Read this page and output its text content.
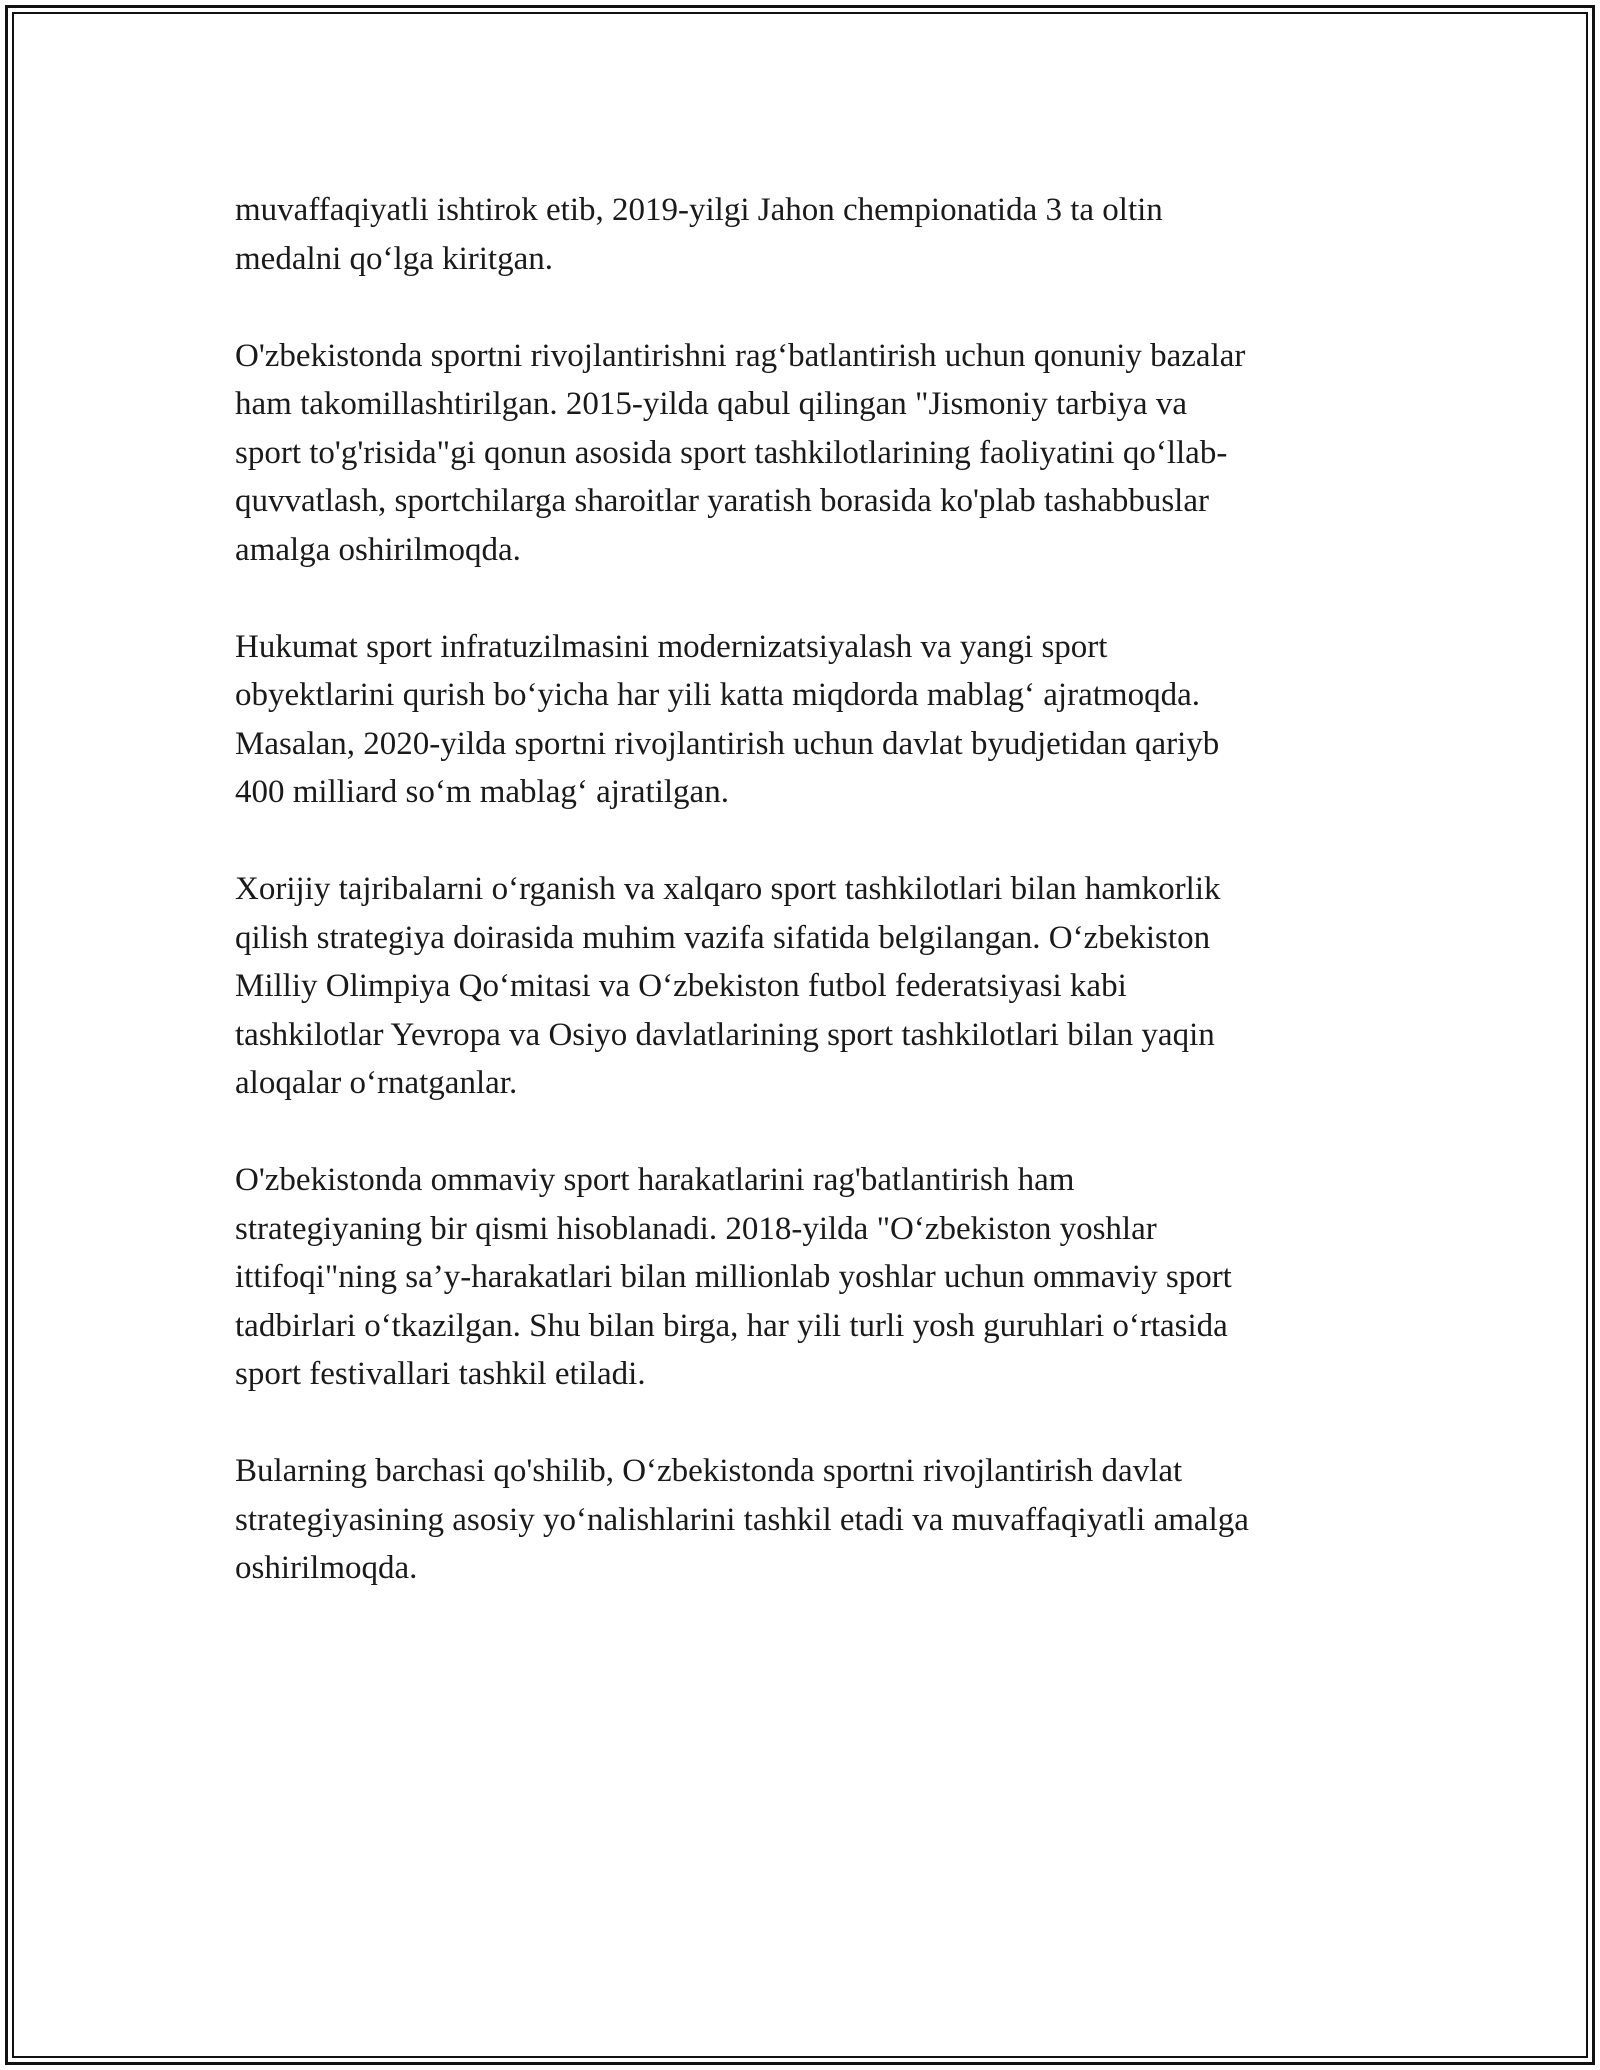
muvaffaqiyatli ishtirok etib, 2019-yilgi Jahon chempionatida 3 ta oltin
medalni qo‘lga kiritgan.

O'zbekistonda sportni rivojlantirishni rag‘batlantirish uchun qonuniy bazalar
ham takomillashtirilgan. 2015-yilda qabul qilingan "Jismoniy tarbiya va
sport to'g'risida"gi qonun asosida sport tashkilotlarining faoliyatini qo‘llab-
quvvatlash, sportchilarga sharoitlar yaratish borasida ko'plab tashabbuslar
amalga oshirilmoqda.

Hukumat sport infratuzilmasini modernizatsiyalash va yangi sport
obyektlarini qurish bo‘yicha har yili katta miqdorda mablag‘ ajratmoqda.
Masalan, 2020-yilda sportni rivojlantirish uchun davlat byudjetidan qariyb
400 milliard so‘m mablag‘ ajratilgan.

Xorijiy tajribalarni o‘rganish va xalqaro sport tashkilotlari bilan hamkorlik
qilish strategiya doirasida muhim vazifa sifatida belgilangan. O‘zbekiston
Milliy Olimpiya Qo‘mitasi va O‘zbekiston futbol federatsiyasi kabi
tashkilotlar Yevropa va Osiyo davlatlarining sport tashkilotlari bilan yaqin
aloqalar o‘rnatganlar.

O'zbekistonda ommaviy sport harakatlarini rag'batlantirish ham
strategiyaning bir qismi hisoblanadi. 2018-yilda "O‘zbekiston yoshlar
ittifoqi"ning sa’y-harakatlari bilan millionlab yoshlar uchun ommaviy sport
tadbirlari o‘tkazilgan. Shu bilan birga, har yili turli yosh guruhlari o‘rtasida
sport festivallari tashkil etiladi.

Bularning barchasi qo'shilib, O‘zbekistonda sportni rivojlantirish davlat
strategiyasining asosiy yo‘nalishlarini tashkil etadi va muvaffaqiyatli amalga
oshirilmoqda.
